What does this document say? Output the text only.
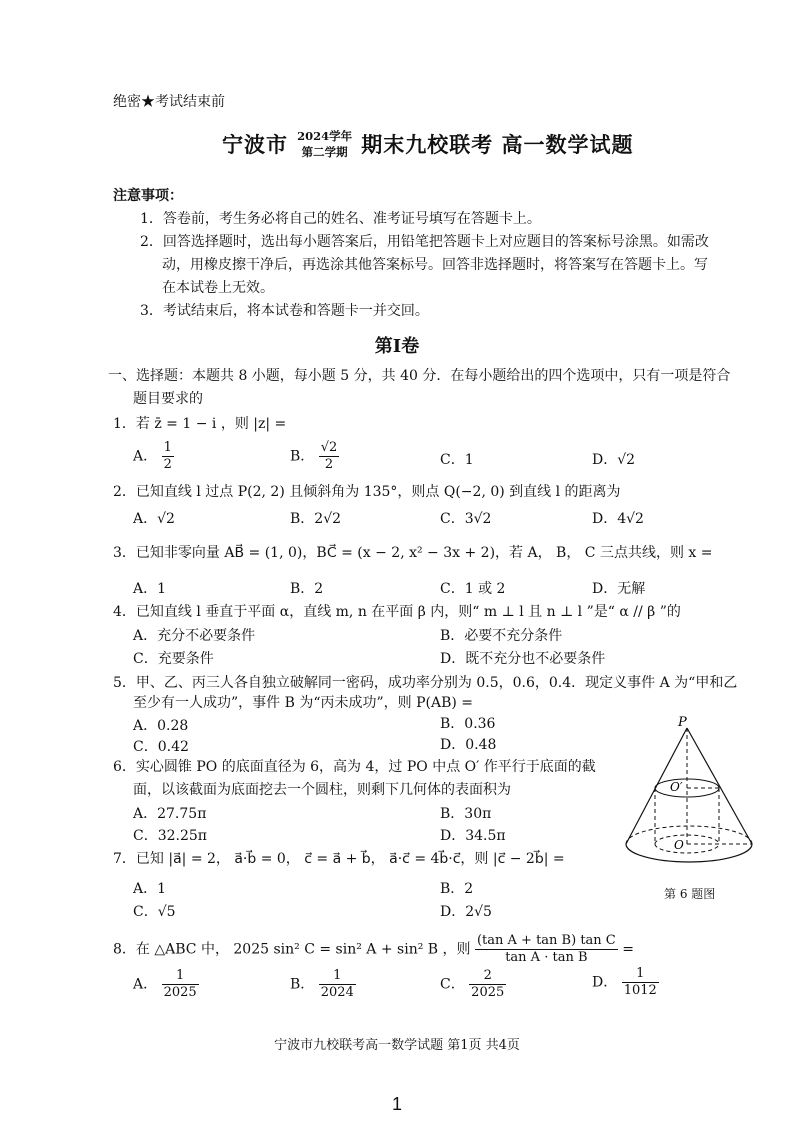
绝密★考试结束前
宁波市 2024学年
第二学期 期末九校联考 高一数学试题
注意事项：
1．答卷前，考生务必将自己的姓名、准考证号填写在答题卡上。
2．回答选择题时，选出每小题答案后，用铅笔把答题卡上对应题目的答案标号涂黑。如需改
动，用橡皮擦干净后，再选涂其他答案标号。回答非选择题时，将答案写在答题卡上。写
在本试卷上无效。
3．考试结束后，将本试卷和答题卡一并交回。
第Ⅰ卷
一、选择题：本题共 8 小题，每小题 5 分，共 40 分．在每小题给出的四个选项中，只有一项是符合
题目要求的
1．若 z̄ = 1 − i ，则 |z| =
A． $\frac{1}{2}$	B． $\frac{√2}{2}$	C．1	D．√2
2．已知直线 l 过点 P(2, 2) 且倾斜角为 135°，则点 Q(−2, 0) 到直线 l 的距离为
A．√2	B．2√2	C．3√2	D．4√2
3．已知非零向量 AB⃗ = (1, 0)，BC⃗ = (x − 2, x² − 3x + 2)，若 A， B， C 三点共线，则 x =
A．1	B．2	C．1 或 2	D．无解
4．已知直线 l 垂直于平面 α，直线 m, n 在平面 β 内，则“ m ⊥ l 且 n ⊥ l ”是“ α // β ”的
A．充分不必要条件	B．必要不充分条件
C．充要条件	D．既不充分也不必要条件
5．甲、乙、丙三人各自独立破解同一密码，成功率分别为 0.5，0.6，0.4．现定义事件 A 为“甲和乙
至少有一人成功”，事件 B 为“丙未成功”，则 P(AB) =
A．0.28	B．0.36
C．0.42	D．0.48
6．实心圆锥 PO 的底面直径为 6，高为 4，过 PO 中点 O′ 作平行于底面的截
面，以该截面为底面挖去一个圆柱，则剩下几何体的表面积为
A．27.75π	B．30π
C．32.25π	D．34.5π
P
O′
O
第 6 题图
7．已知 |a⃗| = 2， a⃗·b⃗ = 0， c⃗ = a⃗ + b⃗， a⃗·c⃗ = 4b⃗·c⃗，则 |c⃗ − 2b⃗| =
A．1	B．2
C．√5	D．2√5
8．在 △ABC 中， 2025 sin² C = sin² A + sin² B ，则 $\frac{\text{(tan A + tan B) tan C}}{\text{tan A · tan B}}$ =
A． $\frac{1}{2025}$	B． $\frac{1}{2024}$	C． $\frac{2}{2025}$	D． $\frac{1}{1012}$
宁波市九校联考高一数学试题 第1页 共4页
1
